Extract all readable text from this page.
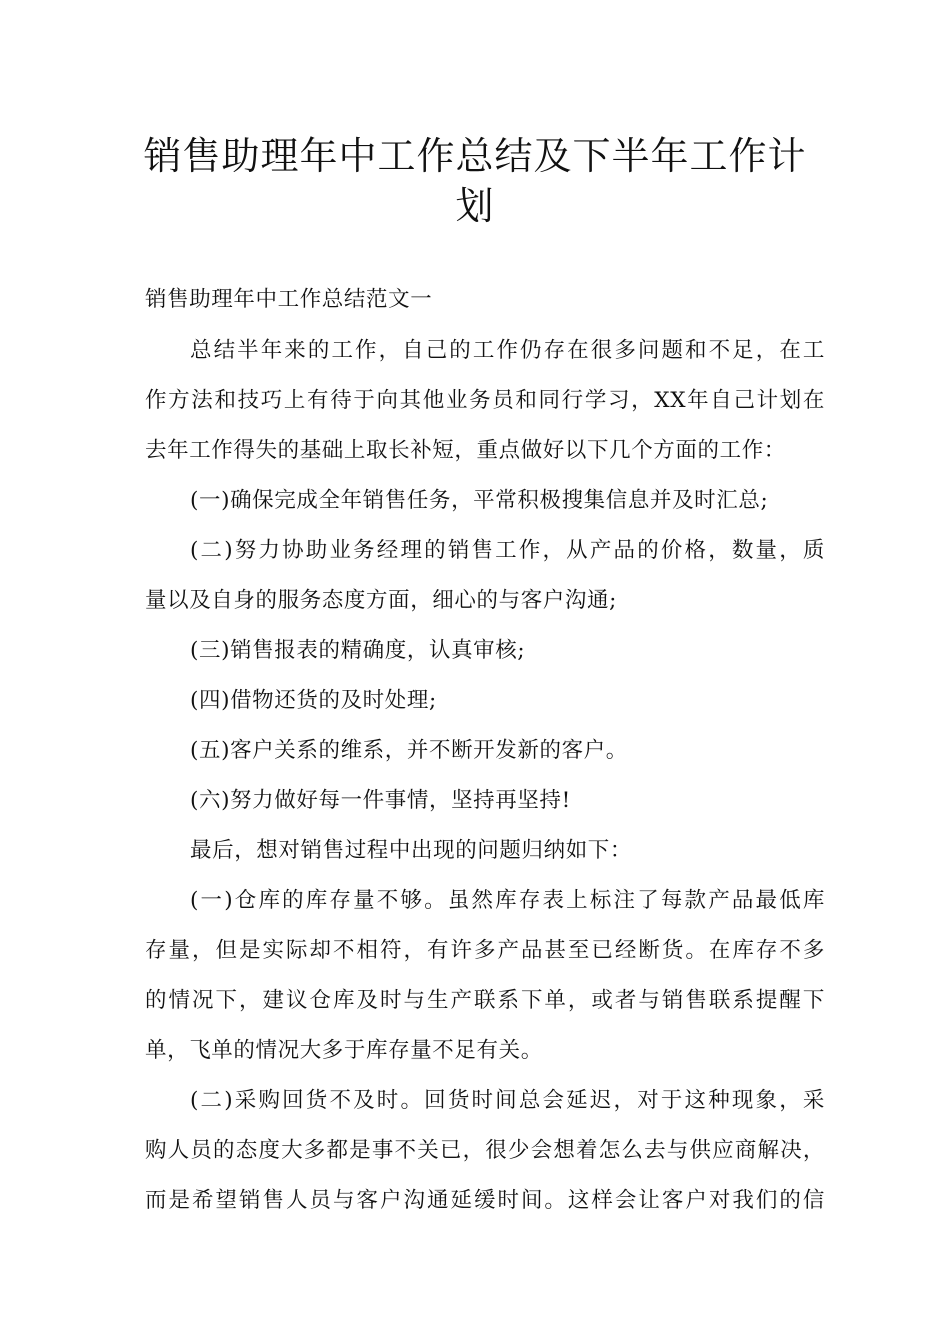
销售助理年中工作总结及下半年工作计
划
销售助理年中工作总结范文一
总结半年来的工作，自己的工作仍存在很多问题和不足，在工
作方法和技巧上有待于向其他业务员和同行学习，XX年自己计划在
去年工作得失的基础上取长补短，重点做好以下几个方面的工作：
(一)确保完成全年销售任务，平常积极搜集信息并及时汇总;
(二)努力协助业务经理的销售工作，从产品的价格，数量，质
量以及自身的服务态度方面，细心的与客户沟通;
(三)销售报表的精确度，认真审核;
(四)借物还货的及时处理;
(五)客户关系的维系，并不断开发新的客户。
(六)努力做好每一件事情，坚持再坚持!
最后，想对销售过程中出现的问题归纳如下：
(一)仓库的库存量不够。虽然库存表上标注了每款产品最低库
存量，但是实际却不相符，有许多产品甚至已经断货。在库存不多
的情况下，建议仓库及时与生产联系下单，或者与销售联系提醒下
单，飞单的情况大多于库存量不足有关。
(二)采购回货不及时。回货时间总会延迟，对于这种现象，采
购人员的态度大多都是事不关已，很少会想着怎么去与供应商解决，
而是希望销售人员与客户沟通延缓时间。这样会让客户对我们的信
